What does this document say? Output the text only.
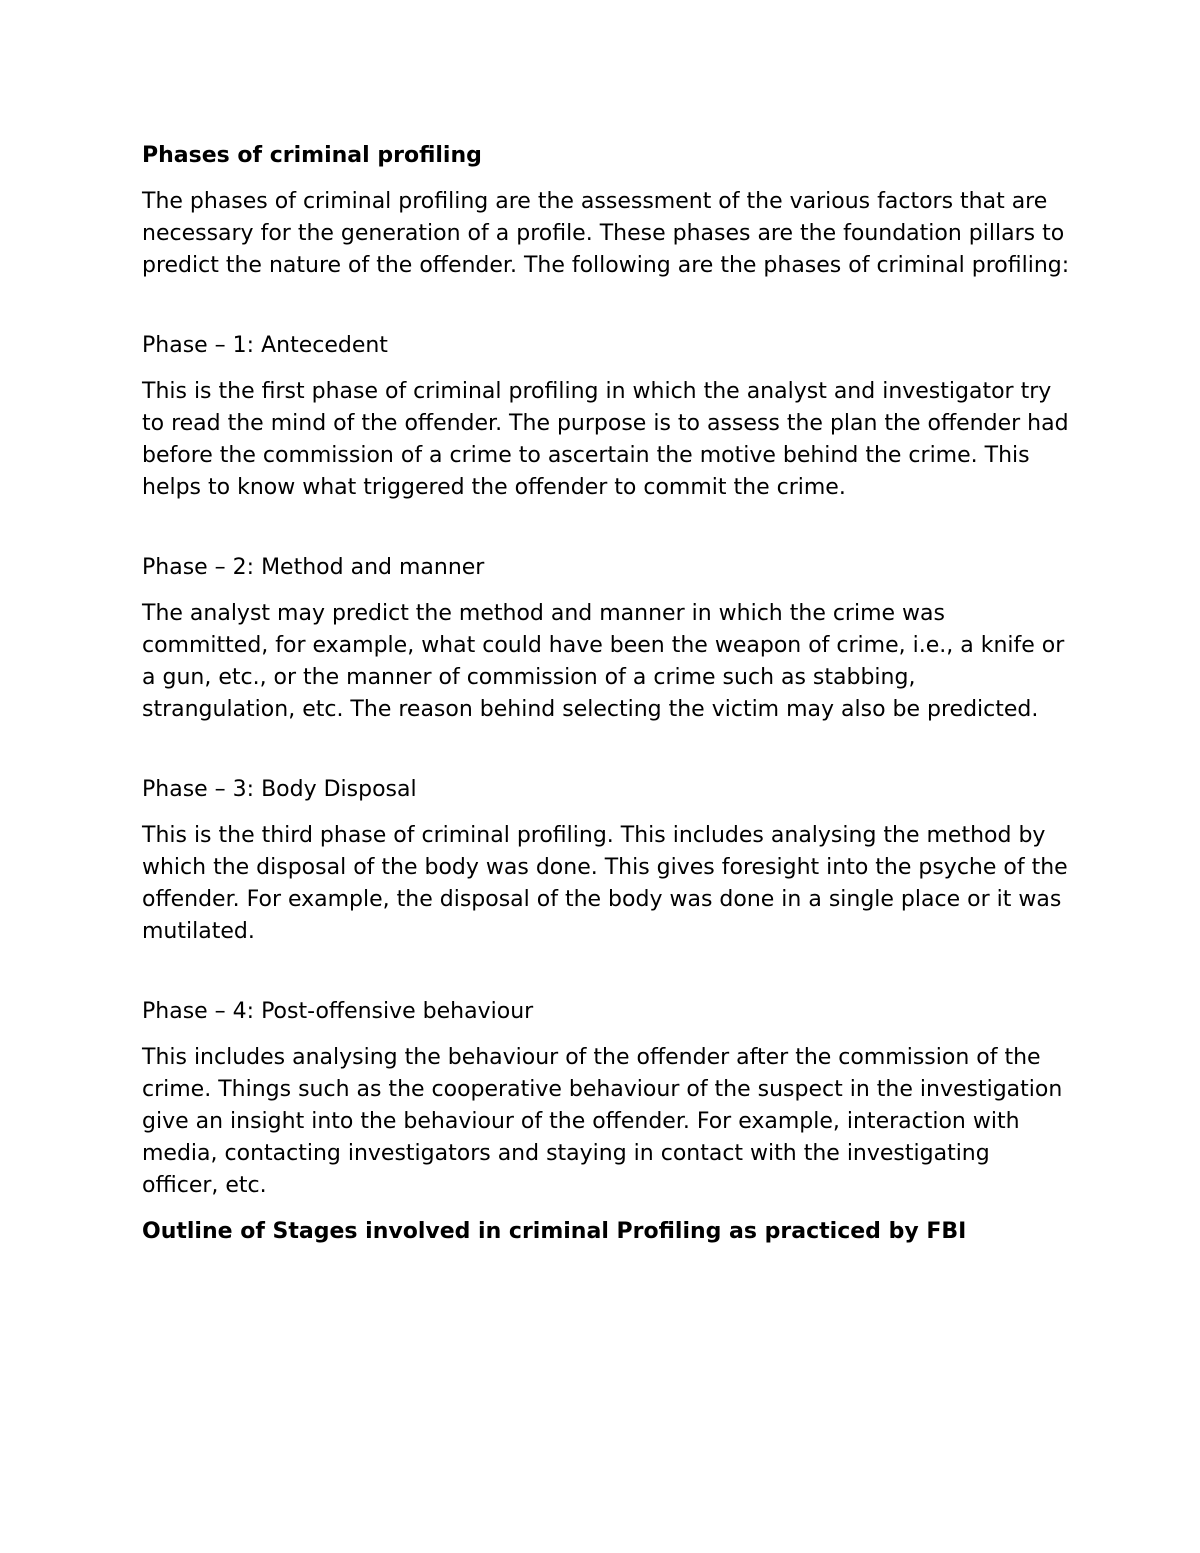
Phases of criminal profiling

The phases of criminal profiling are the assessment of the various factors that are necessary for the generation of a profile. These phases are the foundation pillars to predict the nature of the offender. The following are the phases of criminal profiling:

Phase – 1: Antecedent

This is the first phase of criminal profiling in which the analyst and investigator try to read the mind of the offender. The purpose is to assess the plan the offender had before the commission of a crime to ascertain the motive behind the crime. This helps to know what triggered the offender to commit the crime.

Phase – 2: Method and manner

The analyst may predict the method and manner in which the crime was committed, for example, what could have been the weapon of crime, i.e., a knife or a gun, etc., or the manner of commission of a crime such as stabbing, strangulation, etc. The reason behind selecting the victim may also be predicted.

Phase – 3: Body Disposal

This is the third phase of criminal profiling. This includes analysing the method by which the disposal of the body was done. This gives foresight into the psyche of the offender. For example, the disposal of the body was done in a single place or it was mutilated.

Phase – 4: Post-offensive behaviour

This includes analysing the behaviour of the offender after the commission of the crime. Things such as the cooperative behaviour of the suspect in the investigation give an insight into the behaviour of the offender. For example, interaction with media, contacting investigators and staying in contact with the investigating officer, etc.

Outline of Stages involved in criminal Profiling as practiced by FBI
